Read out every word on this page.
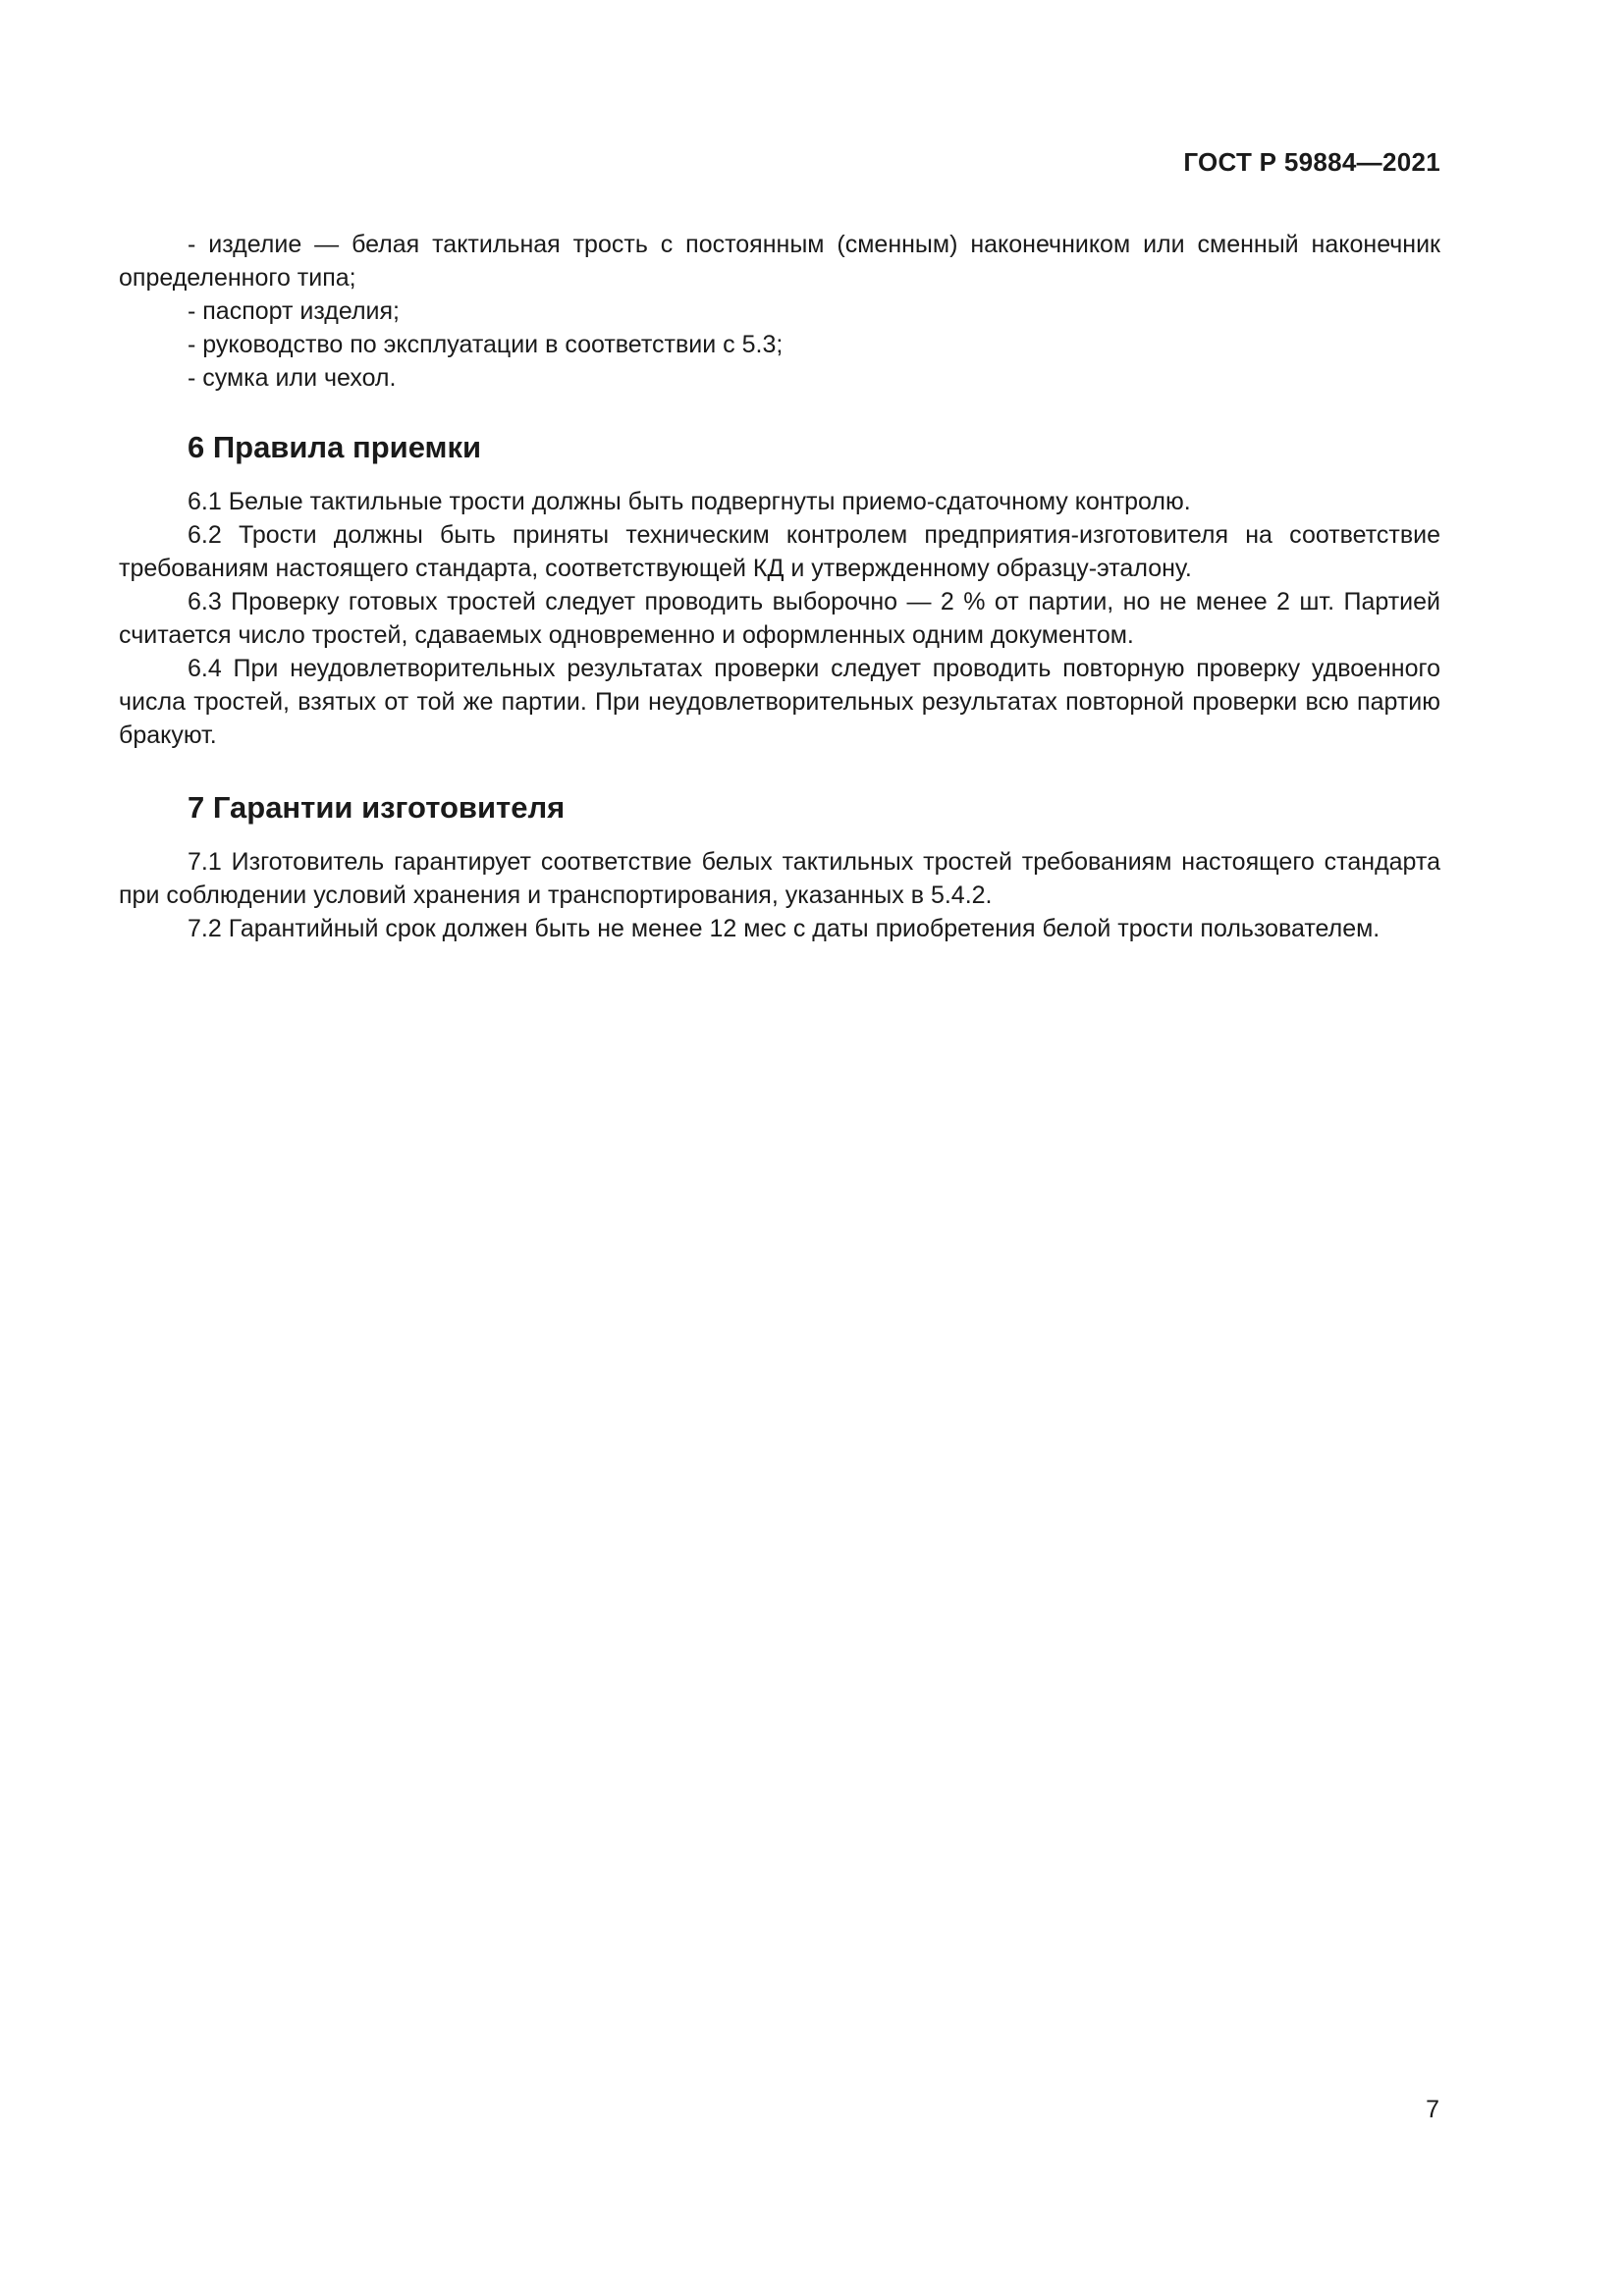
ГОСТ Р 59884—2021

- изделие — белая тактильная трость с постоянным (сменным) наконечником или сменный наконечник определенного типа;

- паспорт изделия;

- руководство по эксплуатации в соответствии с 5.3;

- сумка или чехол.

6 Правила приемки

6.1 Белые тактильные трости должны быть подвергнуты приемо-сдаточному контролю.

6.2 Трости должны быть приняты техническим контролем предприятия-изготовителя на соответствие требованиям настоящего стандарта, соответствующей КД и утвержденному образцу-эталону.

6.3 Проверку готовых тростей следует проводить выборочно — 2 % от партии, но не менее 2 шт. Партией считается число тростей, сдаваемых одновременно и оформленных одним документом.

6.4 При неудовлетворительных результатах проверки следует проводить повторную проверку удвоенного числа тростей, взятых от той же партии. При неудовлетворительных результатах повторной проверки всю партию бракуют.

7 Гарантии изготовителя

7.1 Изготовитель гарантирует соответствие белых тактильных тростей требованиям настоящего стандарта при соблюдении условий хранения и транспортирования, указанных в 5.4.2.

7.2 Гарантийный срок должен быть не менее 12 мес с даты приобретения белой трости пользователем.

7
